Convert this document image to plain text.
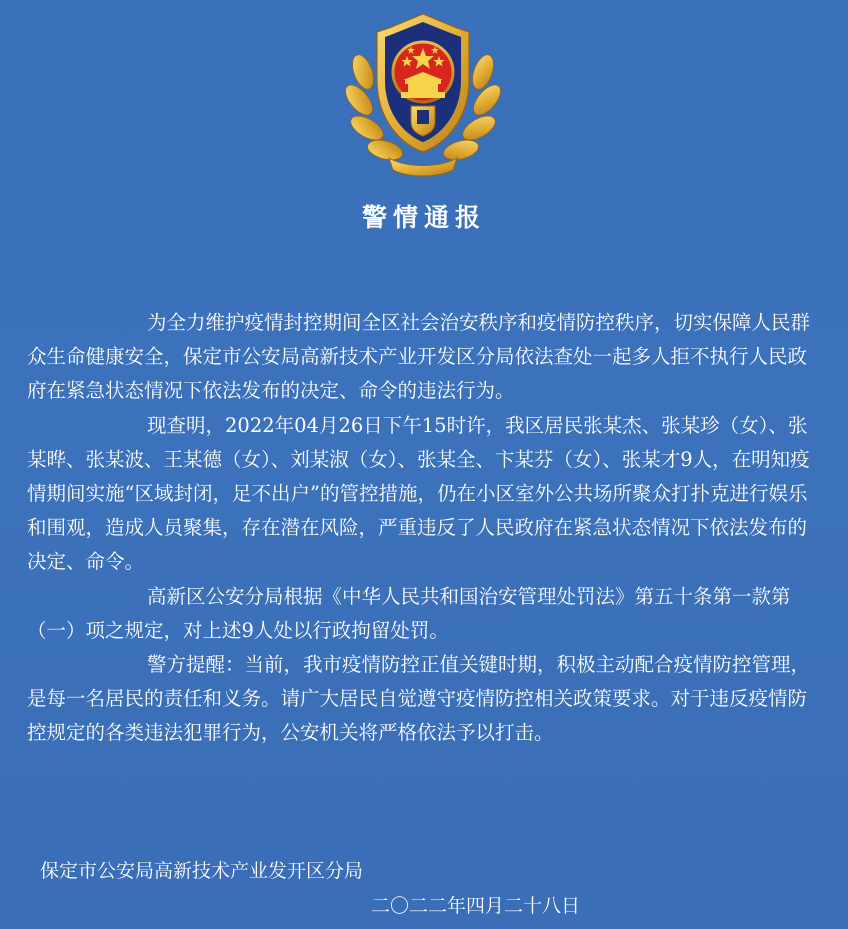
警情通报

为全力维护疫情封控期间全区社会治安秩序和疫情防控秩序，切实保障人民群众生命健康安全，保定市公安局高新技术产业开发区分局依法查处一起多人拒不执行人民政府在紧急状态情况下依法发布的决定、命令的违法行为。

现查明，2022年04月26日下午15时许，我区居民张某杰、张某珍（女）、张某晔、张某波、王某德（女）、刘某淑（女）、张某全、卞某芬（女）、张某才9人，在明知疫情期间实施“区域封闭，足不出户”的管控措施，仍在小区室外公共场所聚众打扑克进行娱乐和围观，造成人员聚集，存在潜在风险，严重违反了人民政府在紧急状态情况下依法发布的决定、命令。

高新区公安分局根据《中华人民共和国治安管理处罚法》第五十条第一款第（一）项之规定，对上述9人处以行政拘留处罚。

警方提醒：当前，我市疫情防控正值关键时期，积极主动配合疫情防控管理，是每一名居民的责任和义务。请广大居民自觉遵守疫情防控相关政策要求。对于违反疫情防控规定的各类违法犯罪行为，公安机关将严格依法予以打击。

保定市公安局高新技术产业发开区分局
二〇二二年四月二十八日
